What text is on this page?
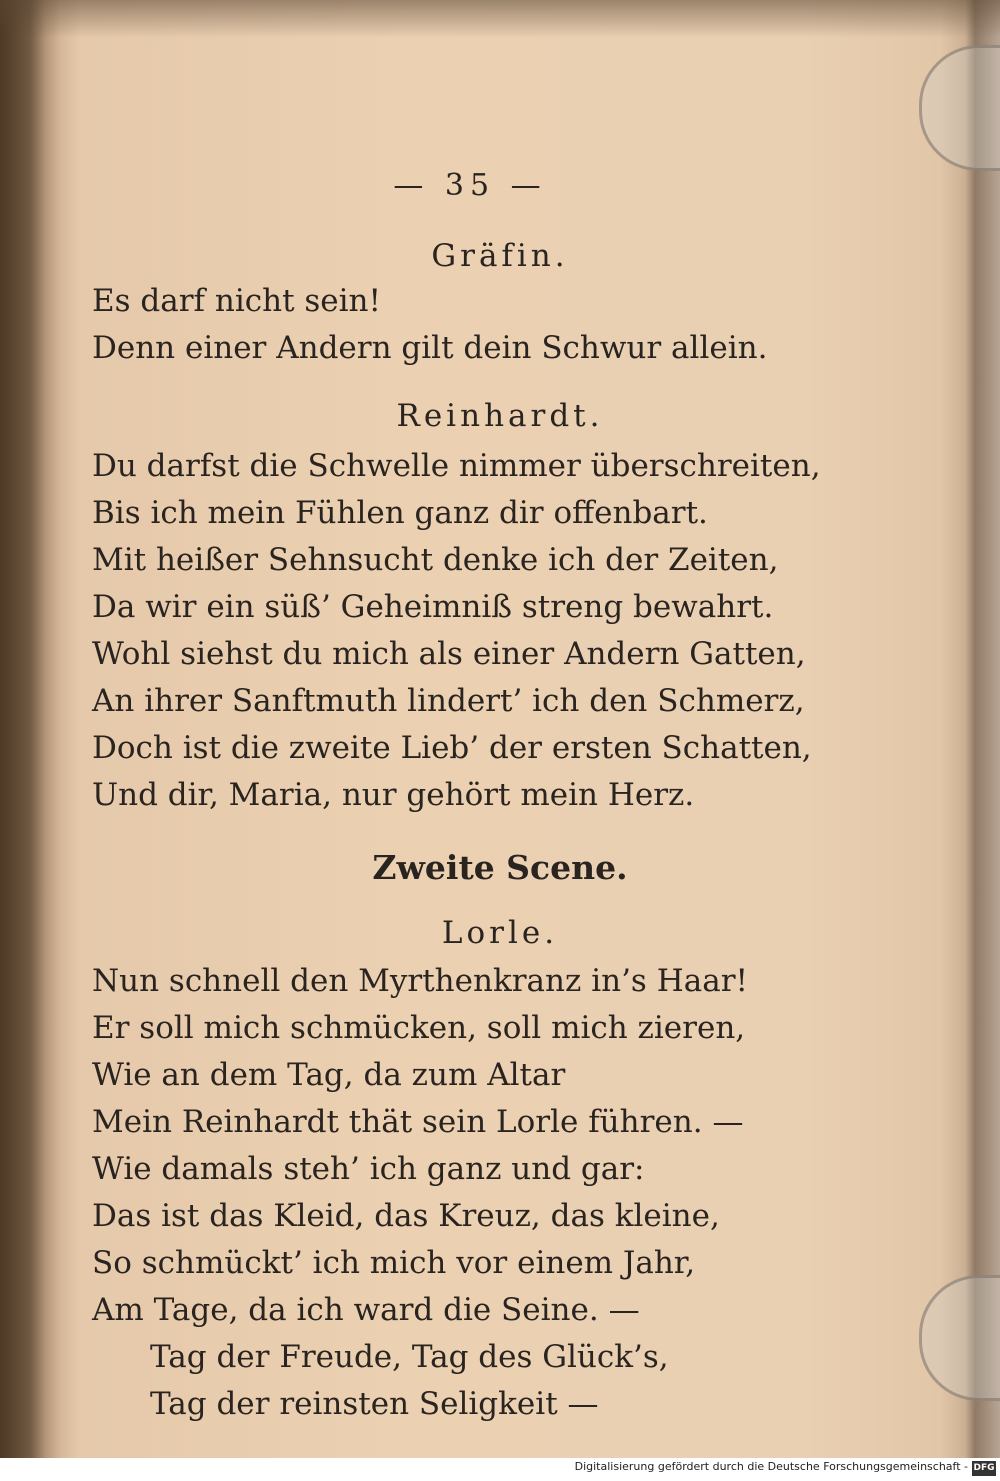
— 35 —
Gräfin.
Es darf nicht sein!
Denn einer Andern gilt dein Schwur allein.
Reinhardt.
Du darfst die Schwelle nimmer überschreiten,
Bis ich mein Fühlen ganz dir offenbart.
Mit heißer Sehnsucht denke ich der Zeiten,
Da wir ein süß’ Geheimniß streng bewahrt.
Wohl siehst du mich als einer Andern Gatten,
An ihrer Sanftmuth lindert’ ich den Schmerz,
Doch ist die zweite Lieb’ der ersten Schatten,
Und dir, Maria, nur gehört mein Herz.
Zweite Scene.
Lorle.
Nun schnell den Myrthenkranz in’s Haar!
Er soll mich schmücken, soll mich zieren,
Wie an dem Tag, da zum Altar
Mein Reinhardt thät sein Lorle führen. —
Wie damals steh’ ich ganz und gar:
Das ist das Kleid, das Kreuz, das kleine,
So schmückt’ ich mich vor einem Jahr,
Am Tage, da ich ward die Seine. —
Tag der Freude, Tag des Glück’s,
Tag der reinsten Seligkeit —
Digitalisierung gefördert durch die Deutsche Forschungsgemeinschaft - DFG
